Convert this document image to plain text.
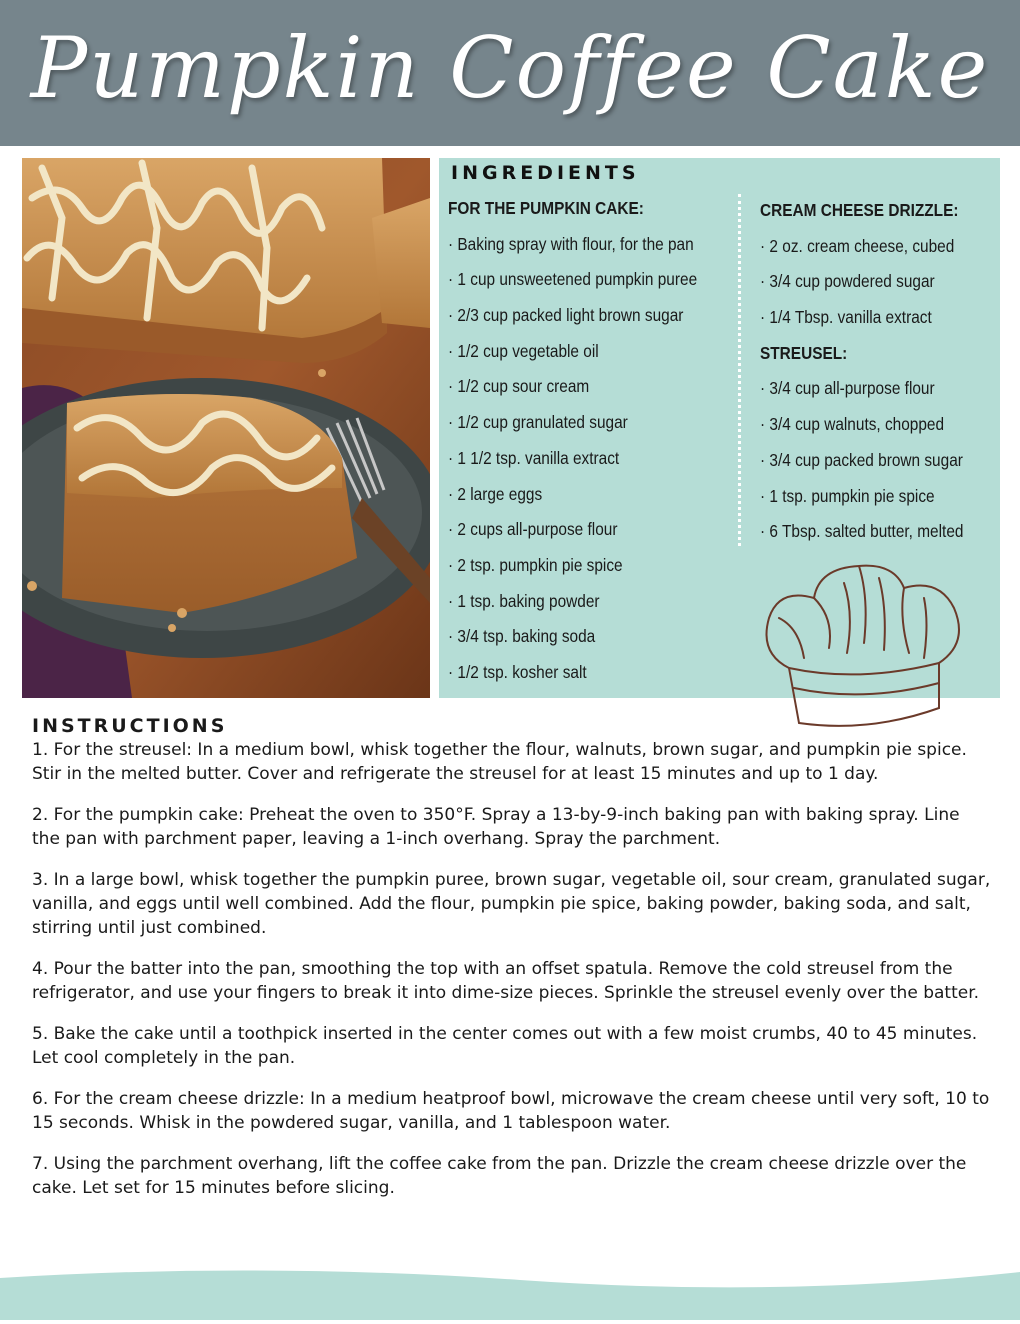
Pumpkin Coffee Cake
INGREDIENTS
FOR THE PUMPKIN CAKE:
· Baking spray with flour, for the pan
· 1 cup unsweetened pumpkin puree
· 2/3 cup packed light brown sugar
· 1/2 cup vegetable oil
· 1/2 cup sour cream
· 1/2 cup granulated sugar
· 1 1/2 tsp. vanilla extract
· 2 large eggs
· 2 cups all-purpose flour
· 2 tsp. pumpkin pie spice
· 1 tsp. baking powder
· 3/4 tsp. baking soda
· 1/2 tsp. kosher salt
CREAM CHEESE DRIZZLE:
· 2 oz. cream cheese, cubed
· 3/4 cup powdered sugar
· 1/4 Tbsp. vanilla extract
STREUSEL:
· 3/4 cup all-purpose flour
· 3/4 cup walnuts, chopped
· 3/4 cup packed brown sugar
· 1 tsp. pumpkin pie spice
· 6 Tbsp. salted butter, melted
INSTRUCTIONS
1. For the streusel: In a medium bowl, whisk together the flour, walnuts, brown sugar, and pumpkin pie spice. Stir in the melted butter. Cover and refrigerate the streusel for at least 15 minutes and up to 1 day.
2. For the pumpkin cake: Preheat the oven to 350°F. Spray a 13-by-9-inch baking pan with baking spray. Line the pan with parchment paper, leaving a 1-inch overhang. Spray the parchment.
3. In a large bowl, whisk together the pumpkin puree, brown sugar, vegetable oil, sour cream, granulated sugar, vanilla, and eggs until well combined. Add the flour, pumpkin pie spice, baking powder, baking soda, and salt, stirring until just combined.
4. Pour the batter into the pan, smoothing the top with an offset spatula. Remove the cold streusel from the refrigerator, and use your fingers to break it into dime-size pieces. Sprinkle the streusel evenly over the batter.
5. Bake the cake until a toothpick inserted in the center comes out with a few moist crumbs, 40 to 45 minutes. Let cool completely in the pan.
6. For the cream cheese drizzle: In a medium heatproof bowl, microwave the cream cheese until very soft, 10 to 15 seconds. Whisk in the powdered sugar, vanilla, and 1 tablespoon water.
7. Using the parchment overhang, lift the coffee cake from the pan. Drizzle the cream cheese drizzle over the cake. Let set for 15 minutes before slicing.
